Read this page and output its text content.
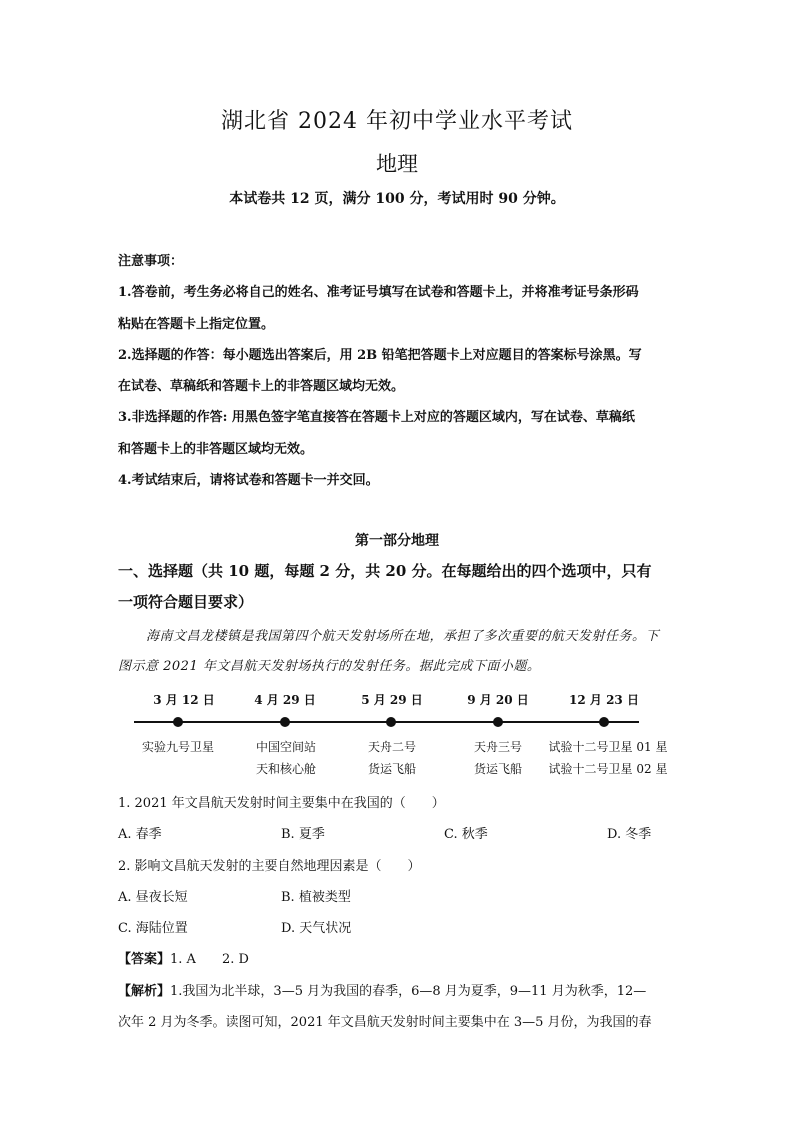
湖北省 2024 年初中学业水平考试
地理
本试卷共 12 页，满分 100 分，考试用时 90 分钟。
注意事项：
1.答卷前，考生务必将自己的姓名、准考证号填写在试卷和答题卡上，并将准考证号条形码
粘贴在答题卡上指定位置。
2.选择题的作答：每小题选出答案后，用 2B 铅笔把答题卡上对应题目的答案标号涂黑。写
在试卷、草稿纸和答题卡上的非答题区域均无效。
3.非选择题的作答: 用黑色签字笔直接答在答题卡上对应的答题区域内，写在试卷、草稿纸
和答题卡上的非答题区域均无效。
4.考试结束后，请将试卷和答题卡一并交回。
第一部分地理
一、选择题（共 10 题，每题 2 分，共 20 分。在每题给出的四个选项中，只有
一项符合题目要求）
海南文昌龙楼镇是我国第四个航天发射场所在地，承担了多次重要的航天发射任务。下
图示意 2021 年文昌航天发射场执行的发射任务。据此完成下面小题。
3 月 12 日
实验九号卫星
4 月 29 日
中国空间站
天和核心舱
5 月 29 日
天舟二号
货运飞船
9 月 20 日
天舟三号
货运飞船
12 月 23 日
试验十二号卫星 01 星
试验十二号卫星 02 星
1. 2021 年文昌航天发射时间主要集中在我国的（　　）
A. 春季	B. 夏季	C. 秋季	D. 冬季
2. 影响文昌航天发射的主要自然地理因素是（　　）
A. 昼夜长短	B. 植被类型
C. 海陆位置	D. 天气状况
【答案】1. A　　2. D
【解析】1.我国为北半球，3—5 月为我国的春季，6—8 月为夏季，9—11 月为秋季，12—
次年 2 月为冬季。读图可知，2021 年文昌航天发射时间主要集中在 3—5 月份，为我国的春
